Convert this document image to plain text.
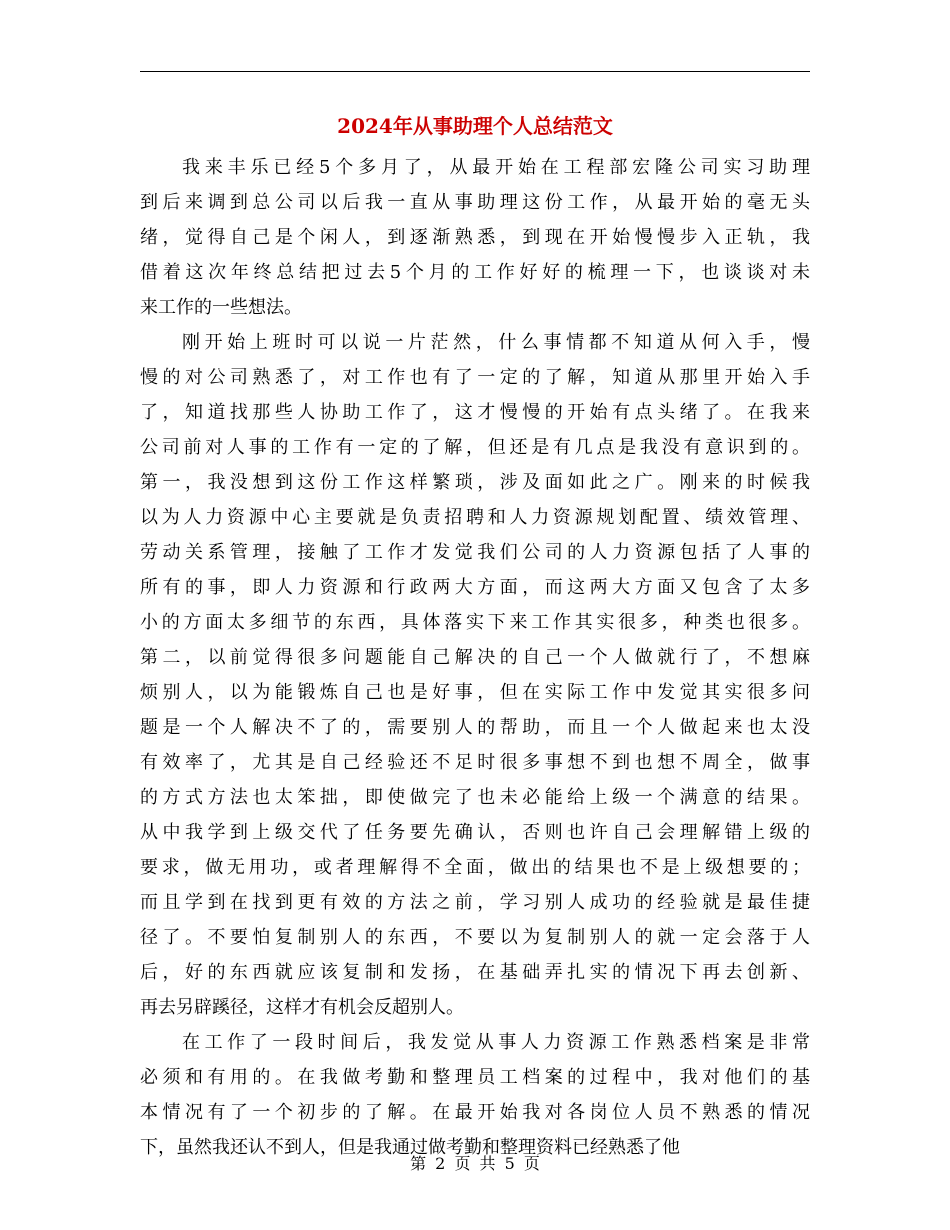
2024年从事助理个人总结范文
我来丰乐已经5个多月了，从最开始在工程部宏隆公司实习助理
到后来调到总公司以后我一直从事助理这份工作，从最开始的毫无头
绪，觉得自己是个闲人，到逐渐熟悉，到现在开始慢慢步入正轨，我
借着这次年终总结把过去5个月的工作好好的梳理一下，也谈谈对未
来工作的一些想法。
刚开始上班时可以说一片茫然，什么事情都不知道从何入手，慢
慢的对公司熟悉了，对工作也有了一定的了解，知道从那里开始入手
了，知道找那些人协助工作了，这才慢慢的开始有点头绪了。在我来
公司前对人事的工作有一定的了解，但还是有几点是我没有意识到的。
第一，我没想到这份工作这样繁琐，涉及面如此之广。刚来的时候我
以为人力资源中心主要就是负责招聘和人力资源规划配置、绩效管理、
劳动关系管理，接触了工作才发觉我们公司的人力资源包括了人事的
所有的事，即人力资源和行政两大方面，而这两大方面又包含了太多
小的方面太多细节的东西，具体落实下来工作其实很多，种类也很多。
第二，以前觉得很多问题能自己解决的自己一个人做就行了，不想麻
烦别人，以为能锻炼自己也是好事，但在实际工作中发觉其实很多问
题是一个人解决不了的，需要别人的帮助，而且一个人做起来也太没
有效率了，尤其是自己经验还不足时很多事想不到也想不周全，做事
的方式方法也太笨拙，即使做完了也未必能给上级一个满意的结果。
从中我学到上级交代了任务要先确认，否则也许自己会理解错上级的
要求，做无用功，或者理解得不全面，做出的结果也不是上级想要的；
而且学到在找到更有效的方法之前，学习别人成功的经验就是最佳捷
径了。不要怕复制别人的东西，不要以为复制别人的就一定会落于人
后，好的东西就应该复制和发扬，在基础弄扎实的情况下再去创新、
再去另辟蹊径，这样才有机会反超别人。
在工作了一段时间后，我发觉从事人力资源工作熟悉档案是非常
必须和有用的。在我做考勤和整理员工档案的过程中，我对他们的基
本情况有了一个初步的了解。在最开始我对各岗位人员不熟悉的情况
下，虽然我还认不到人，但是我通过做考勤和整理资料已经熟悉了他
第 2 页 共 5 页
